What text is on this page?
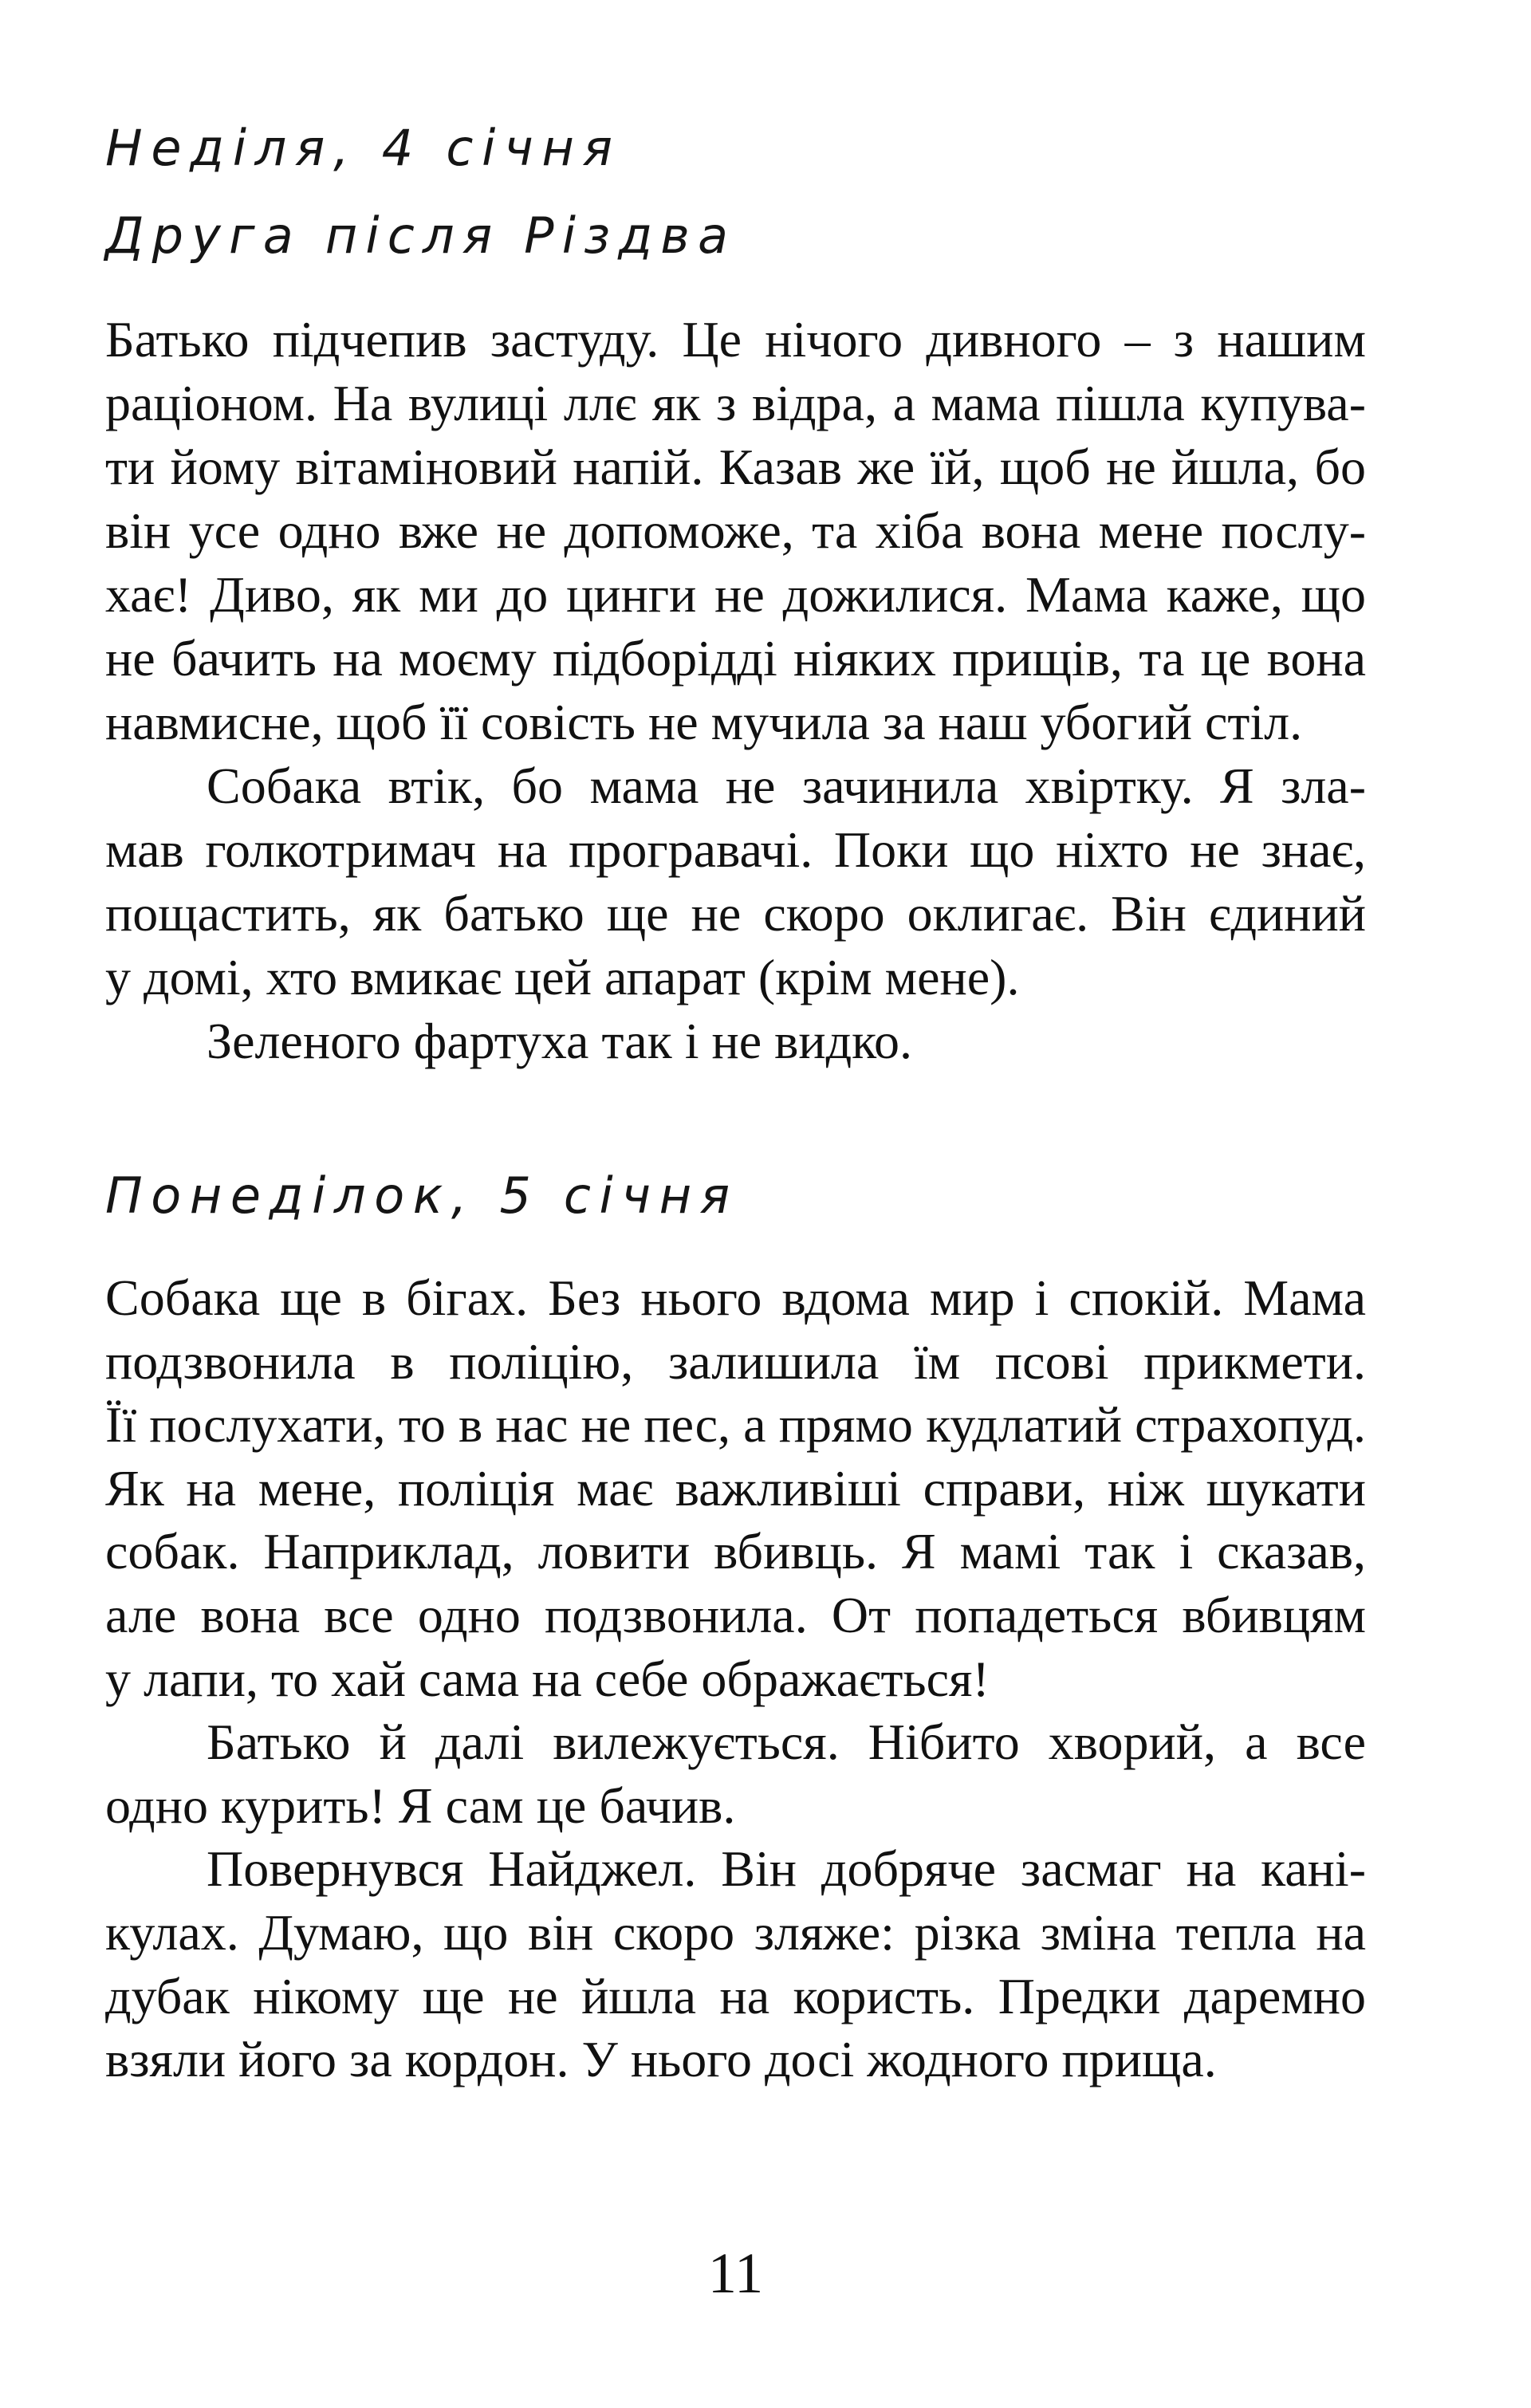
Неділя, 4 січня
Друга після Різдва
Батько підчепив застуду. Це нічого дивного – з нашим
раціоном. На вулиці ллє як з відра, а мама пішла купува-
ти йому вітаміновий напій. Казав же їй, щоб не йшла, бо
він усе одно вже не допоможе, та хіба вона мене послу-
хає! Диво, як ми до цинги не дожилися. Мама каже, що
не бачить на моєму підборідді ніяких прищів, та це вона
навмисне, щоб її совість не мучила за наш убогий стіл.
Собака втік, бо мама не зачинила хвіртку. Я зла-
мав голкотримач на програвачі. Поки що ніхто не знає,
пощастить, як батько ще не скоро оклигає. Він єдиний
у домі, хто вмикає цей апарат (крім мене).
Зеленого фартуха так і не видко.
Понеділок, 5 січня
Собака ще в бігах. Без нього вдома мир і спокій. Мама
подзвонила в поліцію, залишила їм псові прикмети.
Її послухати, то в нас не пес, а прямо кудлатий страхопуд.
Як на мене, поліція має важливіші справи, ніж шукати
собак. Наприклад, ловити вбивць. Я мамі так і сказав,
але вона все одно подзвонила. От попадеться вбивцям
у лапи, то хай сама на себе ображається!
Батько й далі вилежується. Нібито хворий, а все
одно курить! Я сам це бачив.
Повернувся Найджел. Він добряче засмаг на кані-
кулах. Думаю, що він скоро зляже: різка зміна тепла на
дубак нікому ще не йшла на користь. Предки даремно
взяли його за кордон. У нього досі жодного прища.
11
